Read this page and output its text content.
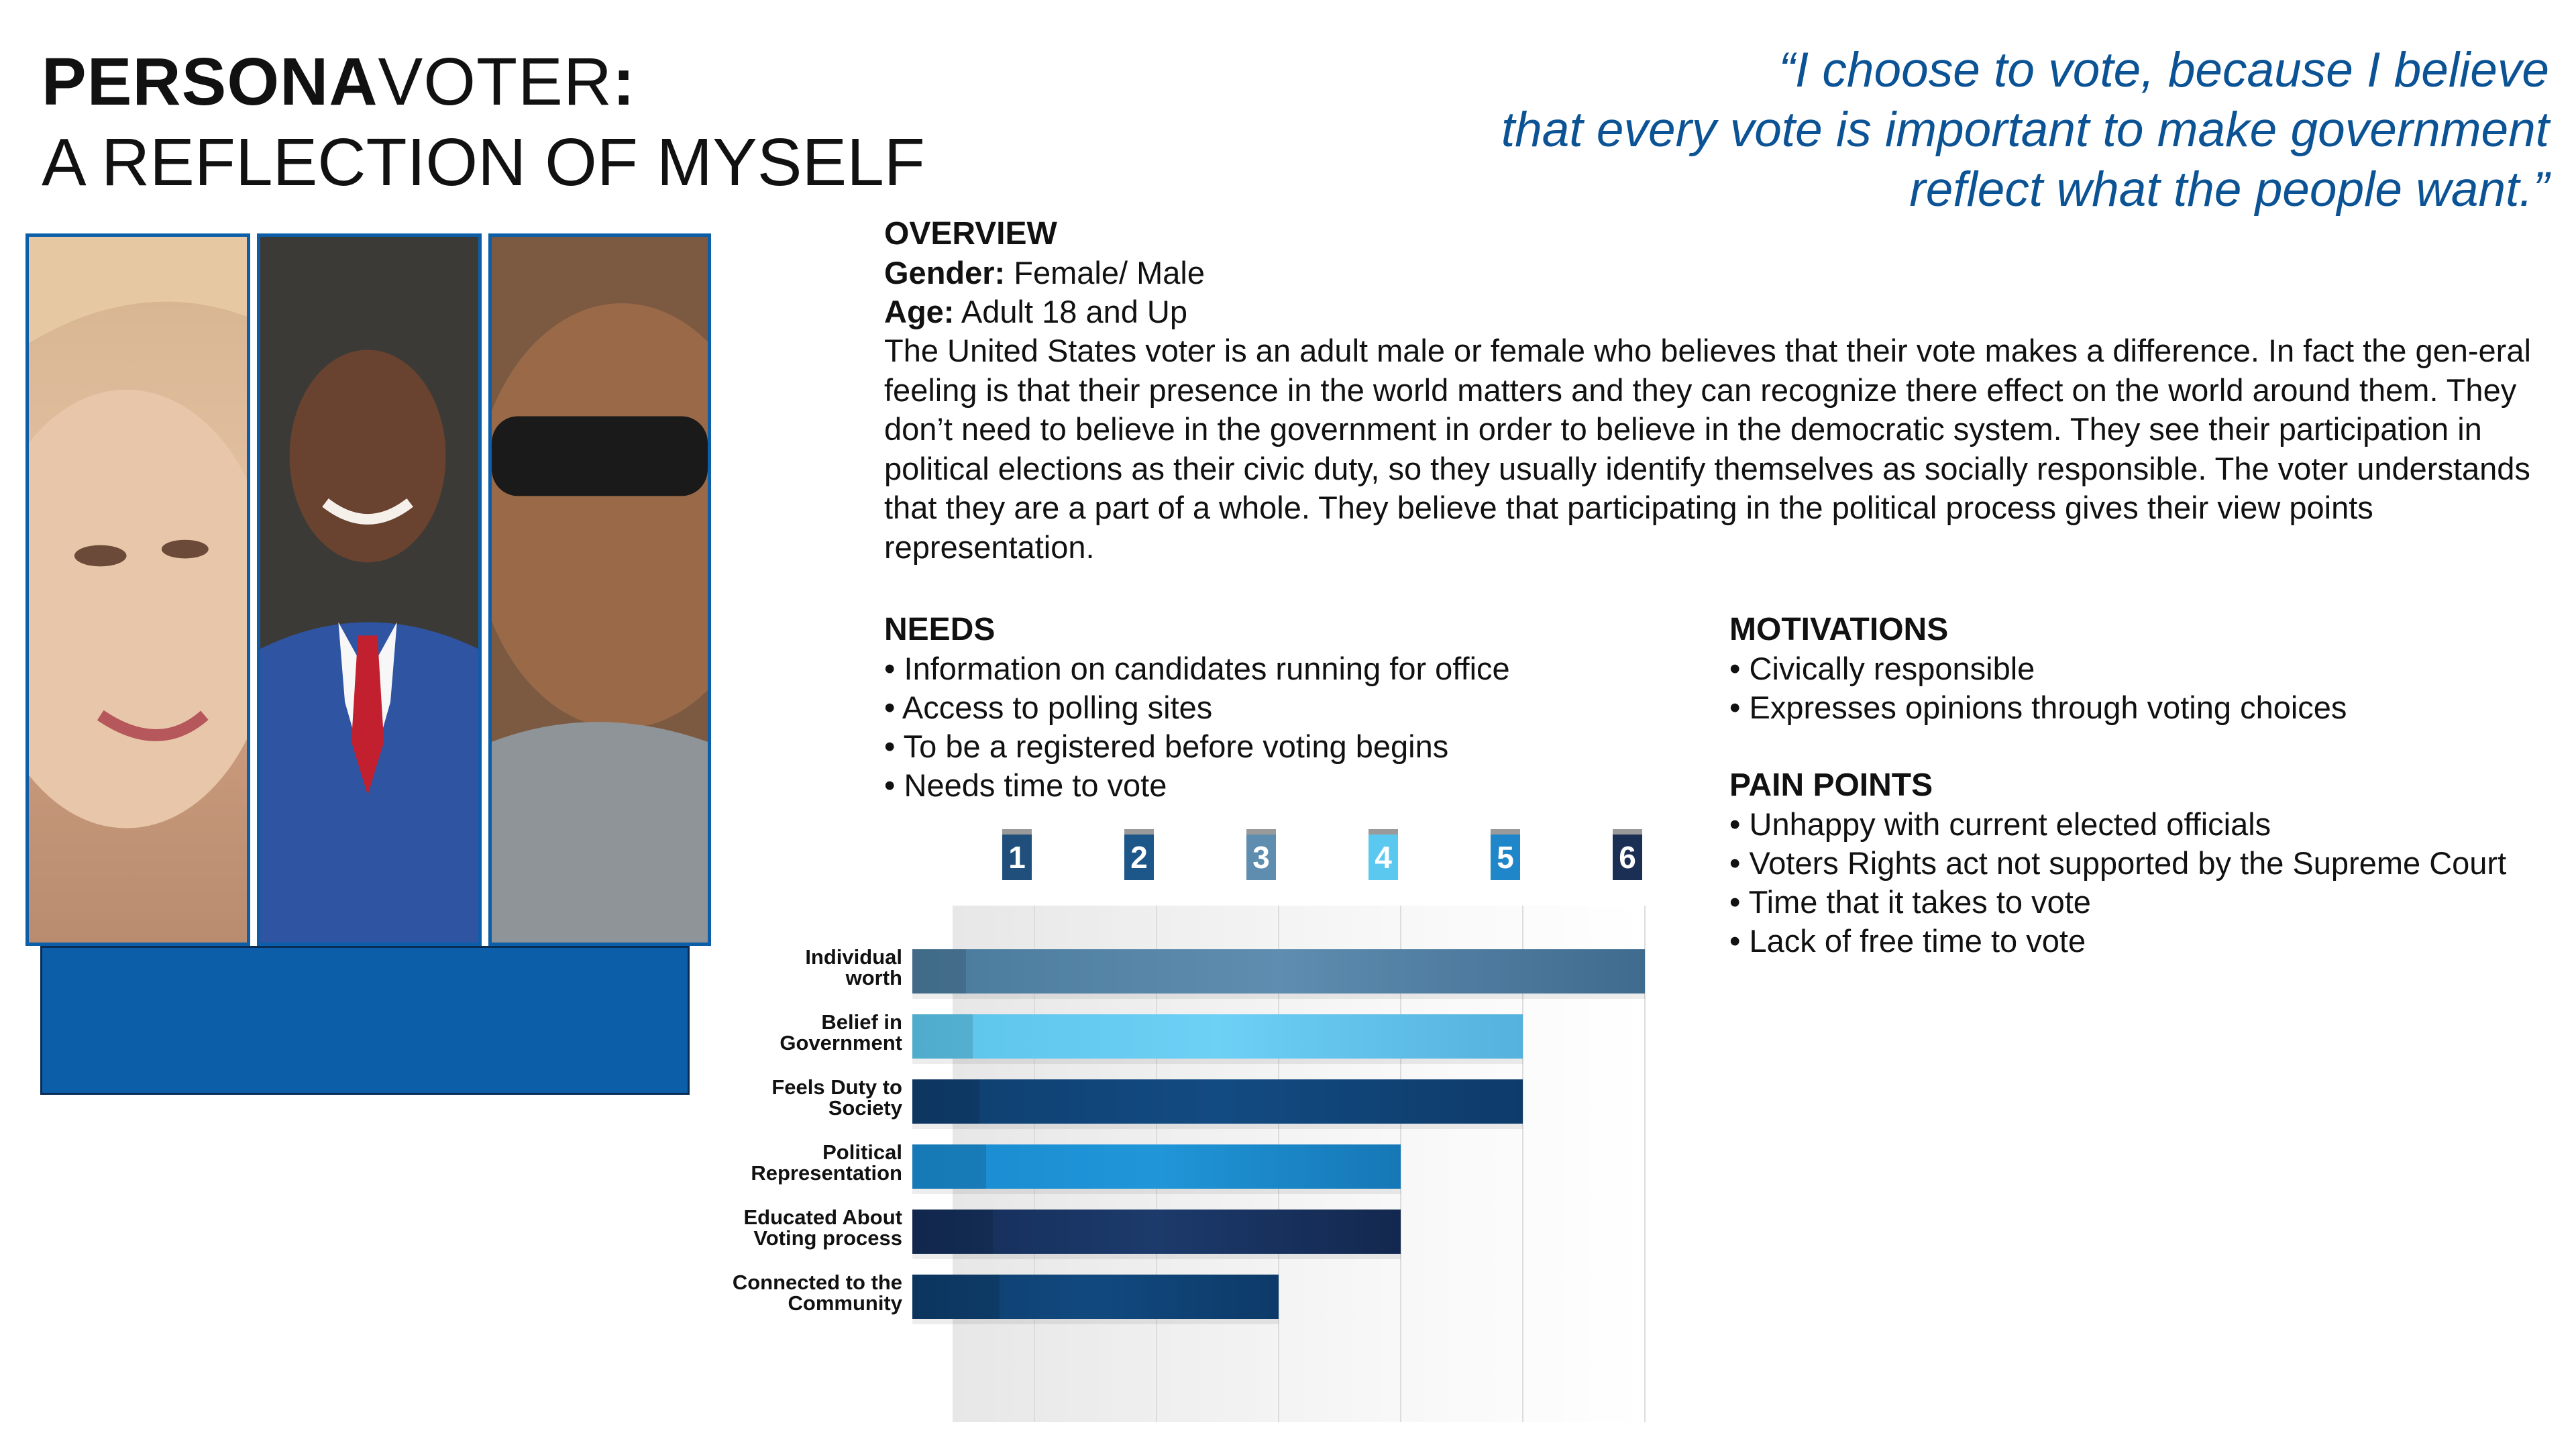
PERSONAVOTER:
A REFLECTION OF MYSELF
“I choose to vote, because I believe
that every vote is important to make government
reflect what the people want.”
OVERVIEW
Gender: Female/ Male
Age: Adult 18 and Up

The United States voter is an adult male or female who believes that their vote makes a difference. In fact the gen-eral feeling is that their presence in the world matters and they can recognize there effect on the world around them. They don’t need to believe in the government in order to believe in the democratic system. They see their participation in political elections as their civic duty, so they usually identify themselves as socially responsible. The voter understands that they are a part of a whole. They believe that participating in the political process gives their view points representation.

NEEDS
• Information on candidates running for office
• Access to polling sites
• To be a registered before voting begins
• Needs time to vote
MOTIVATIONS
• Civically responsible
• Expresses opinions through voting choices
PAIN POINTS
• Unhappy with current elected officials
• Voters Rights act not supported by the Supreme Court
• Time that it takes to vote
• Lack of free time to vote
1	2	3	4	5	6
Individual
worth
Belief in
Government
Feels Duty to
Society
Political
Representation
Educated About
Voting process
Connected to the
Community
